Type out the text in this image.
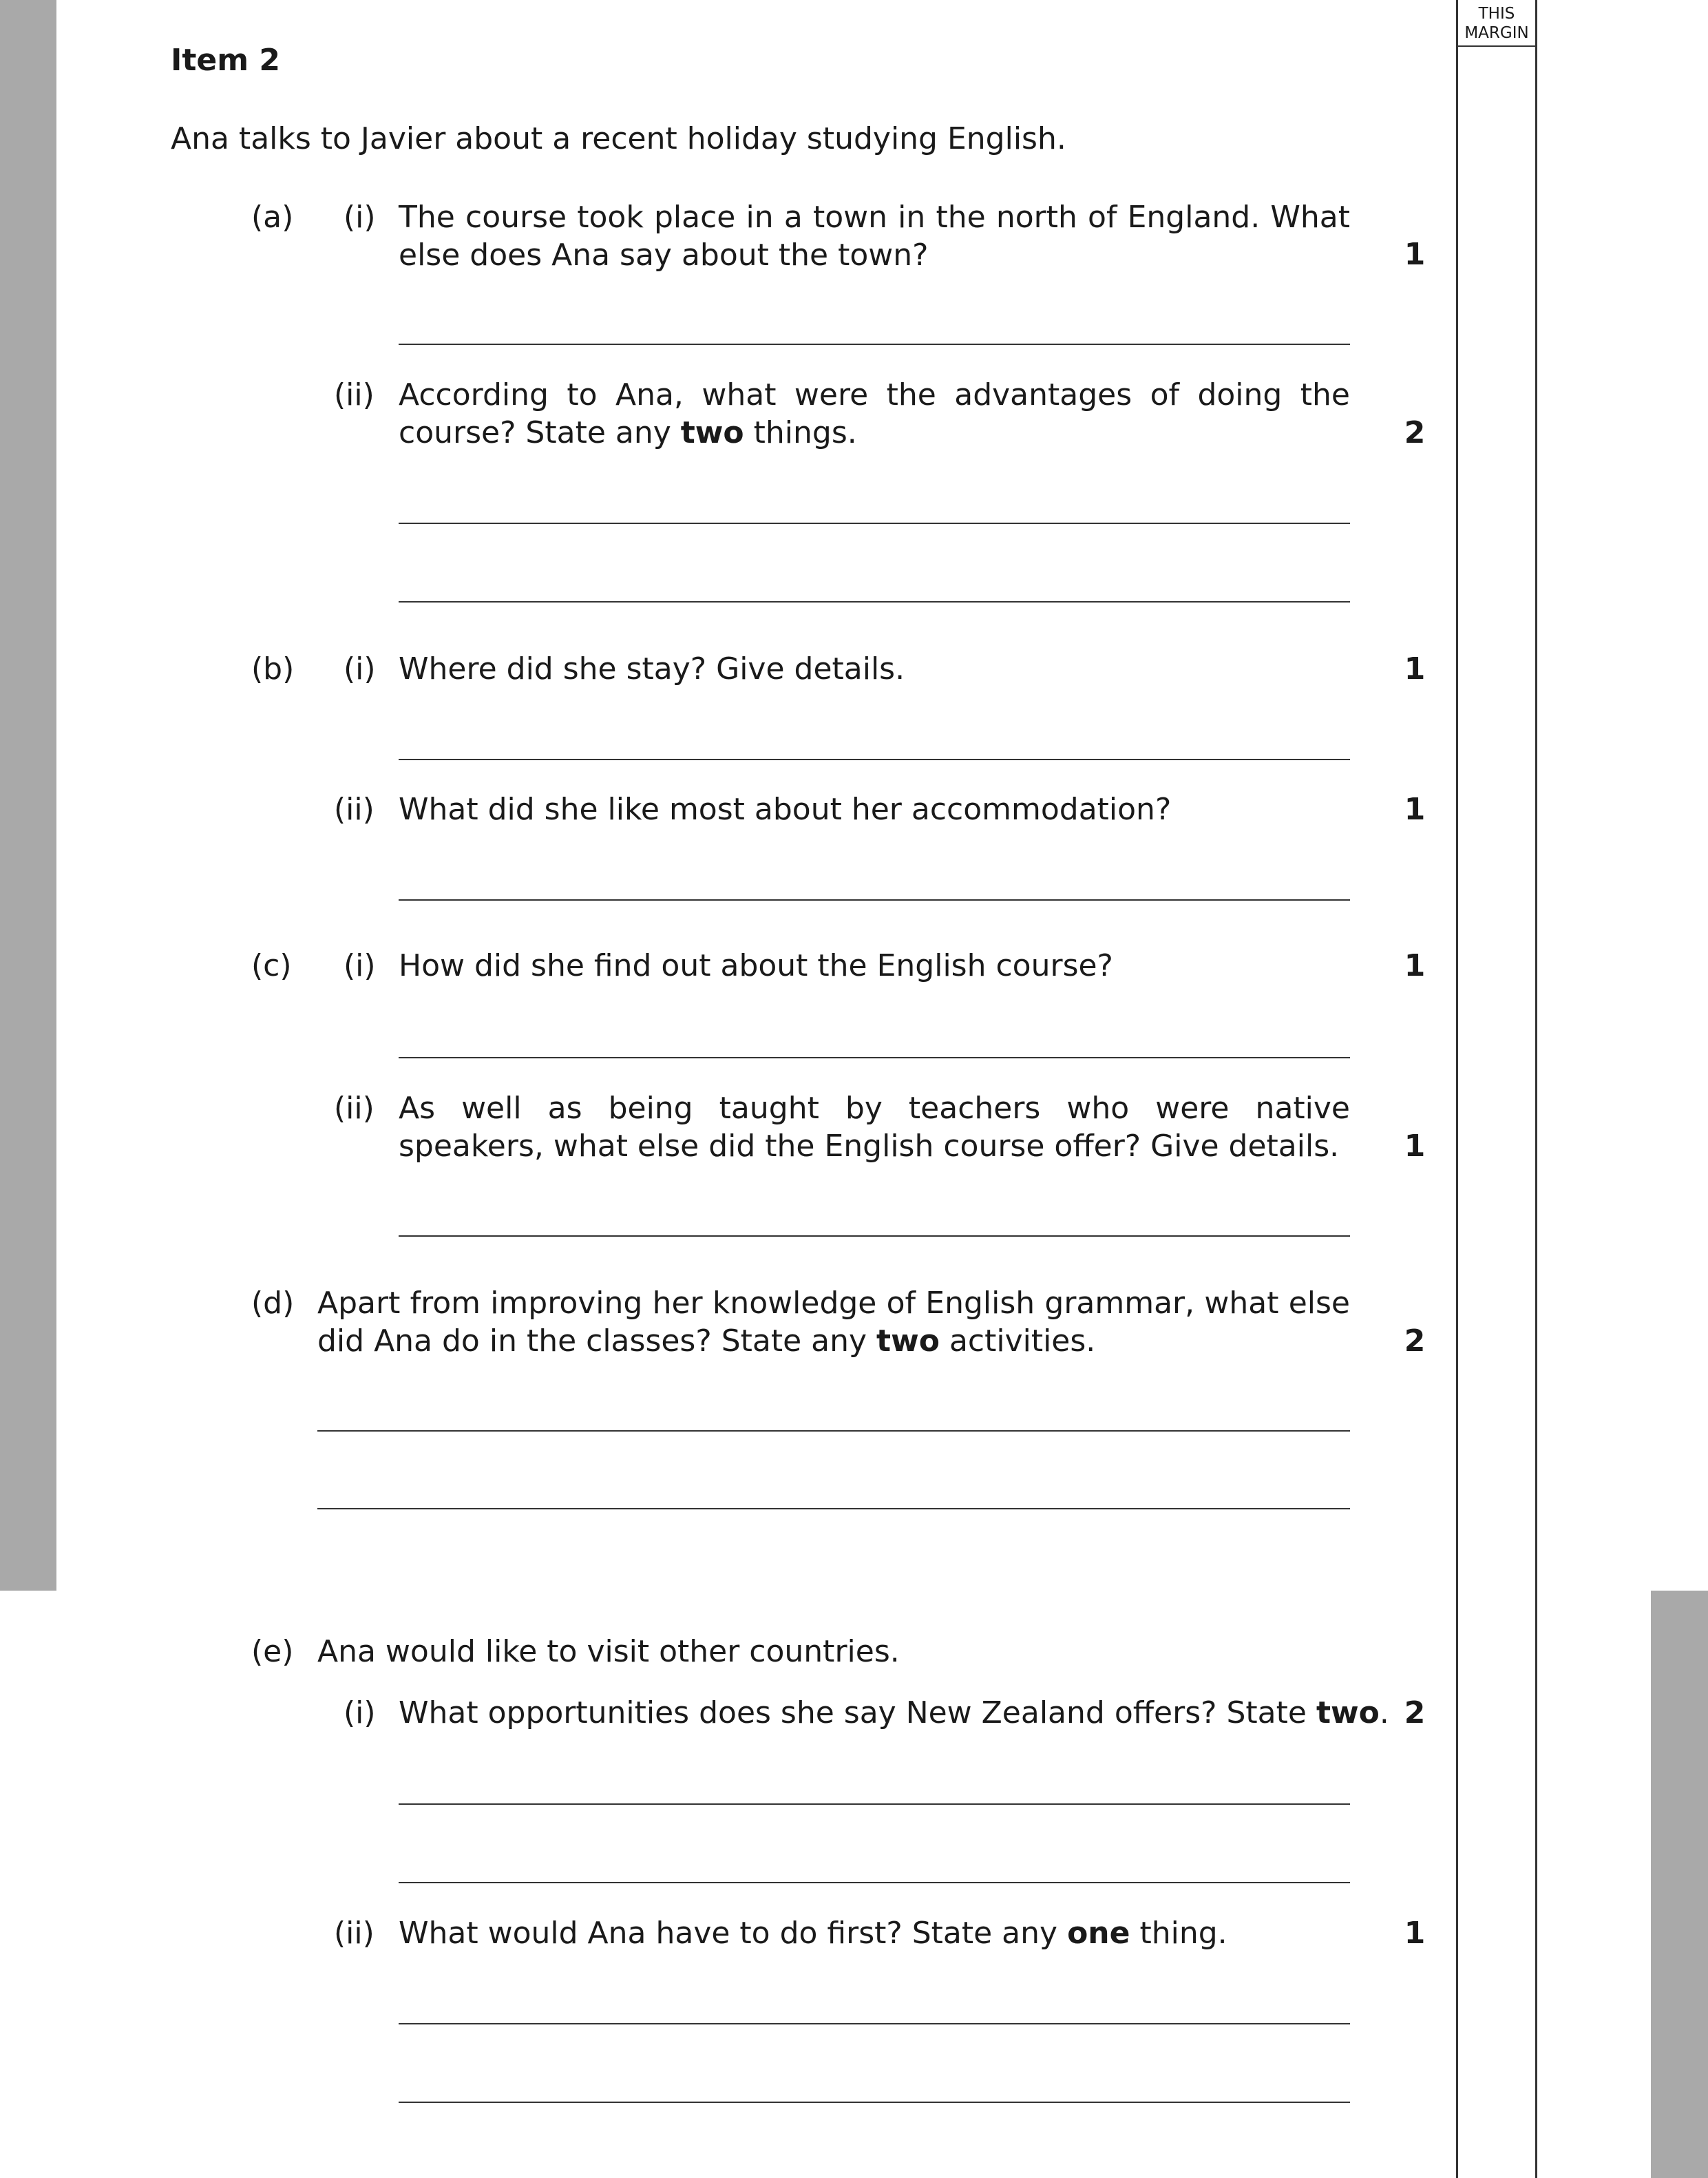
THIS
MARGIN
Item 2
Ana talks to Javier about a recent holiday studying English.
(a) (i) The course took place in a town in the north of England. What else does Ana say about the town?	1
(ii) According to Ana, what were the advantages of doing the course? State any two things.	2
(b) (i) Where did she stay? Give details.	1
(ii) What did she like most about her accommodation?	1
(c) (i) How did she find out about the English course?	1
(ii) As well as being taught by teachers who were native speakers, what else did the English course offer? Give details.	1
(d) Apart from improving her knowledge of English grammar, what else did Ana do in the classes? State any two activities.	2
(e) Ana would like to visit other countries.
(i) What opportunities does she say New Zealand offers? State two. 2
(ii) What would Ana have to do first? State any one thing.	1
